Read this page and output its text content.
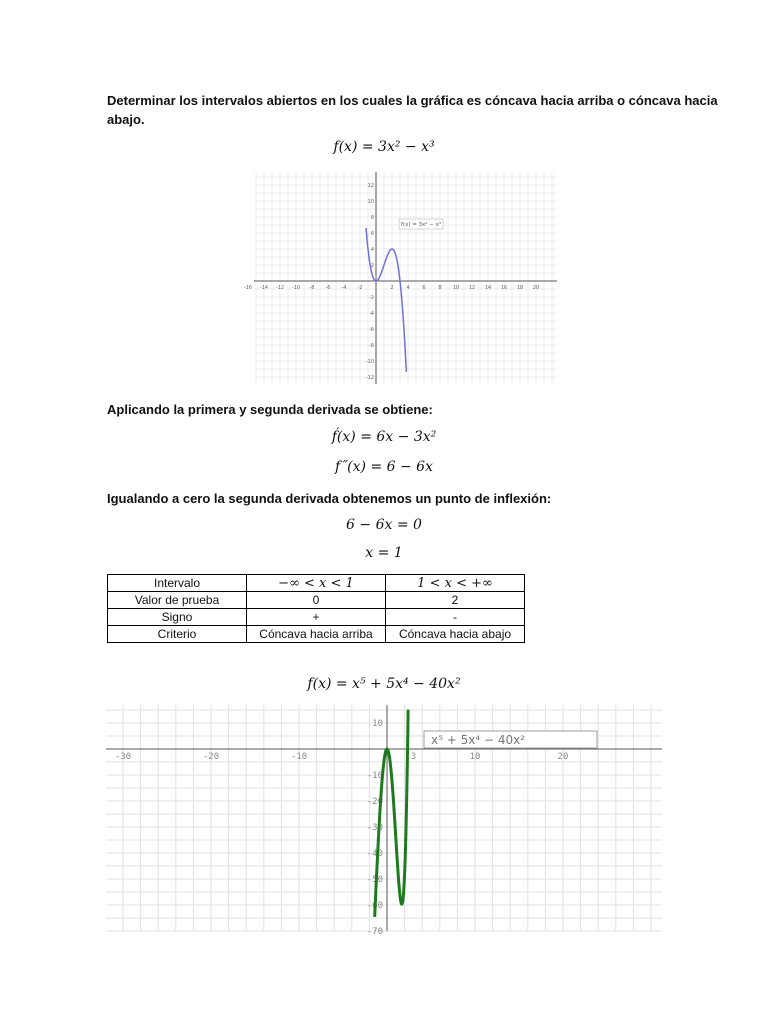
Determinar los intervalos abiertos en los cuales la gráfica es cóncava hacia arriba o cóncava hacia
abajo.
f(x) = 3x² − x³
-16 -14 -12 -10 -8 -6 -4 -2	2	4	6	8 10 12 14 16 18 20
12
10
8
6
4
2
-2
-4
-6
-8
-10
-12
f(x) = 3x² − x³
Aplicando la primera y segunda derivada se obtiene:
f́(x) = 6x − 3x²
f˝(x) = 6 − 6x
Igualando a cero la segunda derivada obtenemos un punto de inflexión:
6 − 6x = 0
x = 1
Intervalo	−∞ < x < 1	1 < x < +∞
Valor de prueba	0	2
Signo	+	-
Criterio	Cóncava hacia arriba	Cóncava hacia abajo
f(x) = x⁵ + 5x⁴ − 40x²
-30	-20	-10	10	20
3
10
-10
-20
-30
-40
-50
-60
-70
x⁵ + 5x⁴ − 40x²
